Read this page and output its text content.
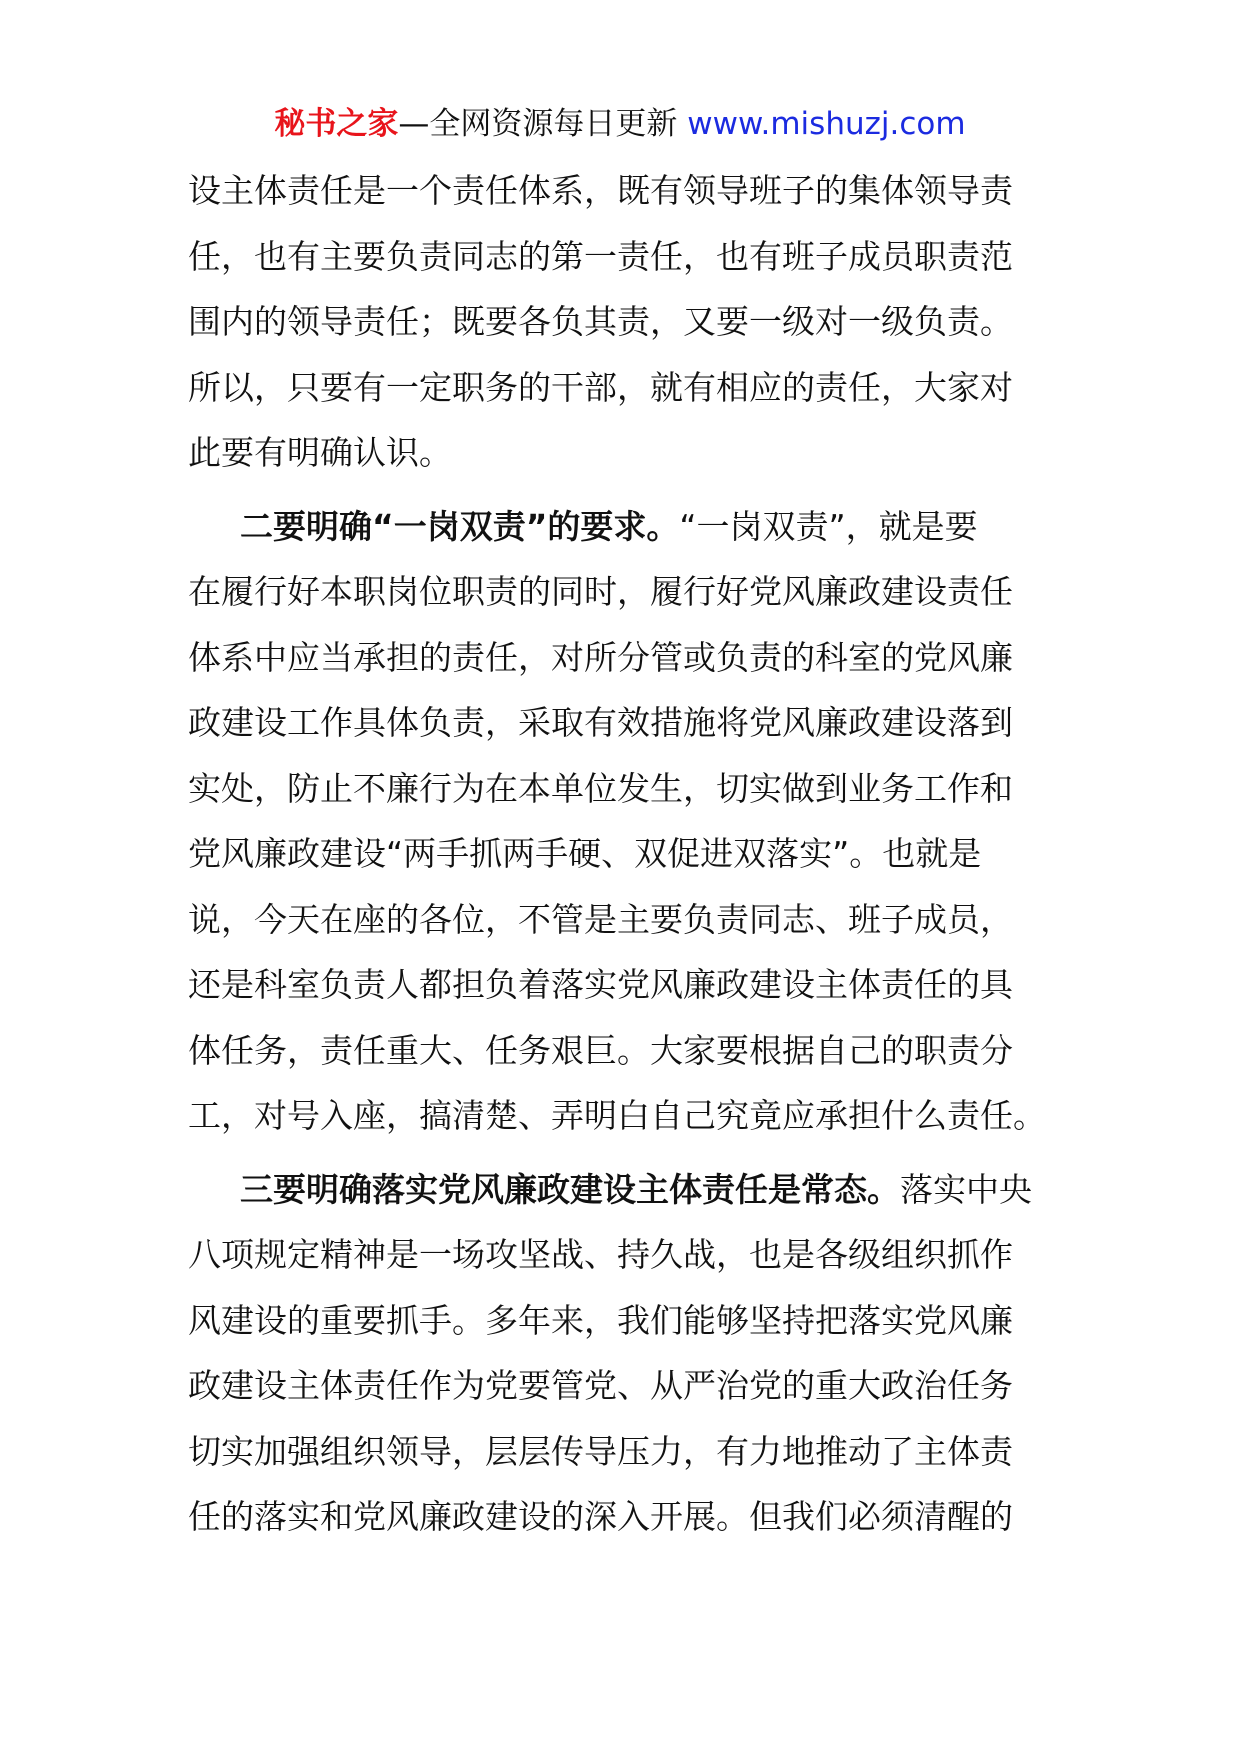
秘书之家—全网资源每日更新 www.mishuzj.com
设主体责任是一个责任体系，既有领导班子的集体领导责
任，也有主要负责同志的第一责任，也有班子成员职责范
围内的领导责任；既要各负其责，又要一级对一级负责。
所以，只要有一定职务的干部，就有相应的责任，大家对
此要有明确认识。
二要明确“一岗双责”的要求。“一岗双责”，就是要
在履行好本职岗位职责的同时，履行好党风廉政建设责任
体系中应当承担的责任，对所分管或负责的科室的党风廉
政建设工作具体负责，采取有效措施将党风廉政建设落到
实处，防止不廉行为在本单位发生，切实做到业务工作和
党风廉政建设“两手抓两手硬、双促进双落实”。也就是
说，今天在座的各位，不管是主要负责同志、班子成员，
还是科室负责人都担负着落实党风廉政建设主体责任的具
体任务，责任重大、任务艰巨。大家要根据自己的职责分
工，对号入座，搞清楚、弄明白自己究竟应承担什么责任。
三要明确落实党风廉政建设主体责任是常态。落实中央
八项规定精神是一场攻坚战、持久战，也是各级组织抓作
风建设的重要抓手。多年来，我们能够坚持把落实党风廉
政建设主体责任作为党要管党、从严治党的重大政治任务
切实加强组织领导，层层传导压力，有力地推动了主体责
任的落实和党风廉政建设的深入开展。但我们必须清醒的
